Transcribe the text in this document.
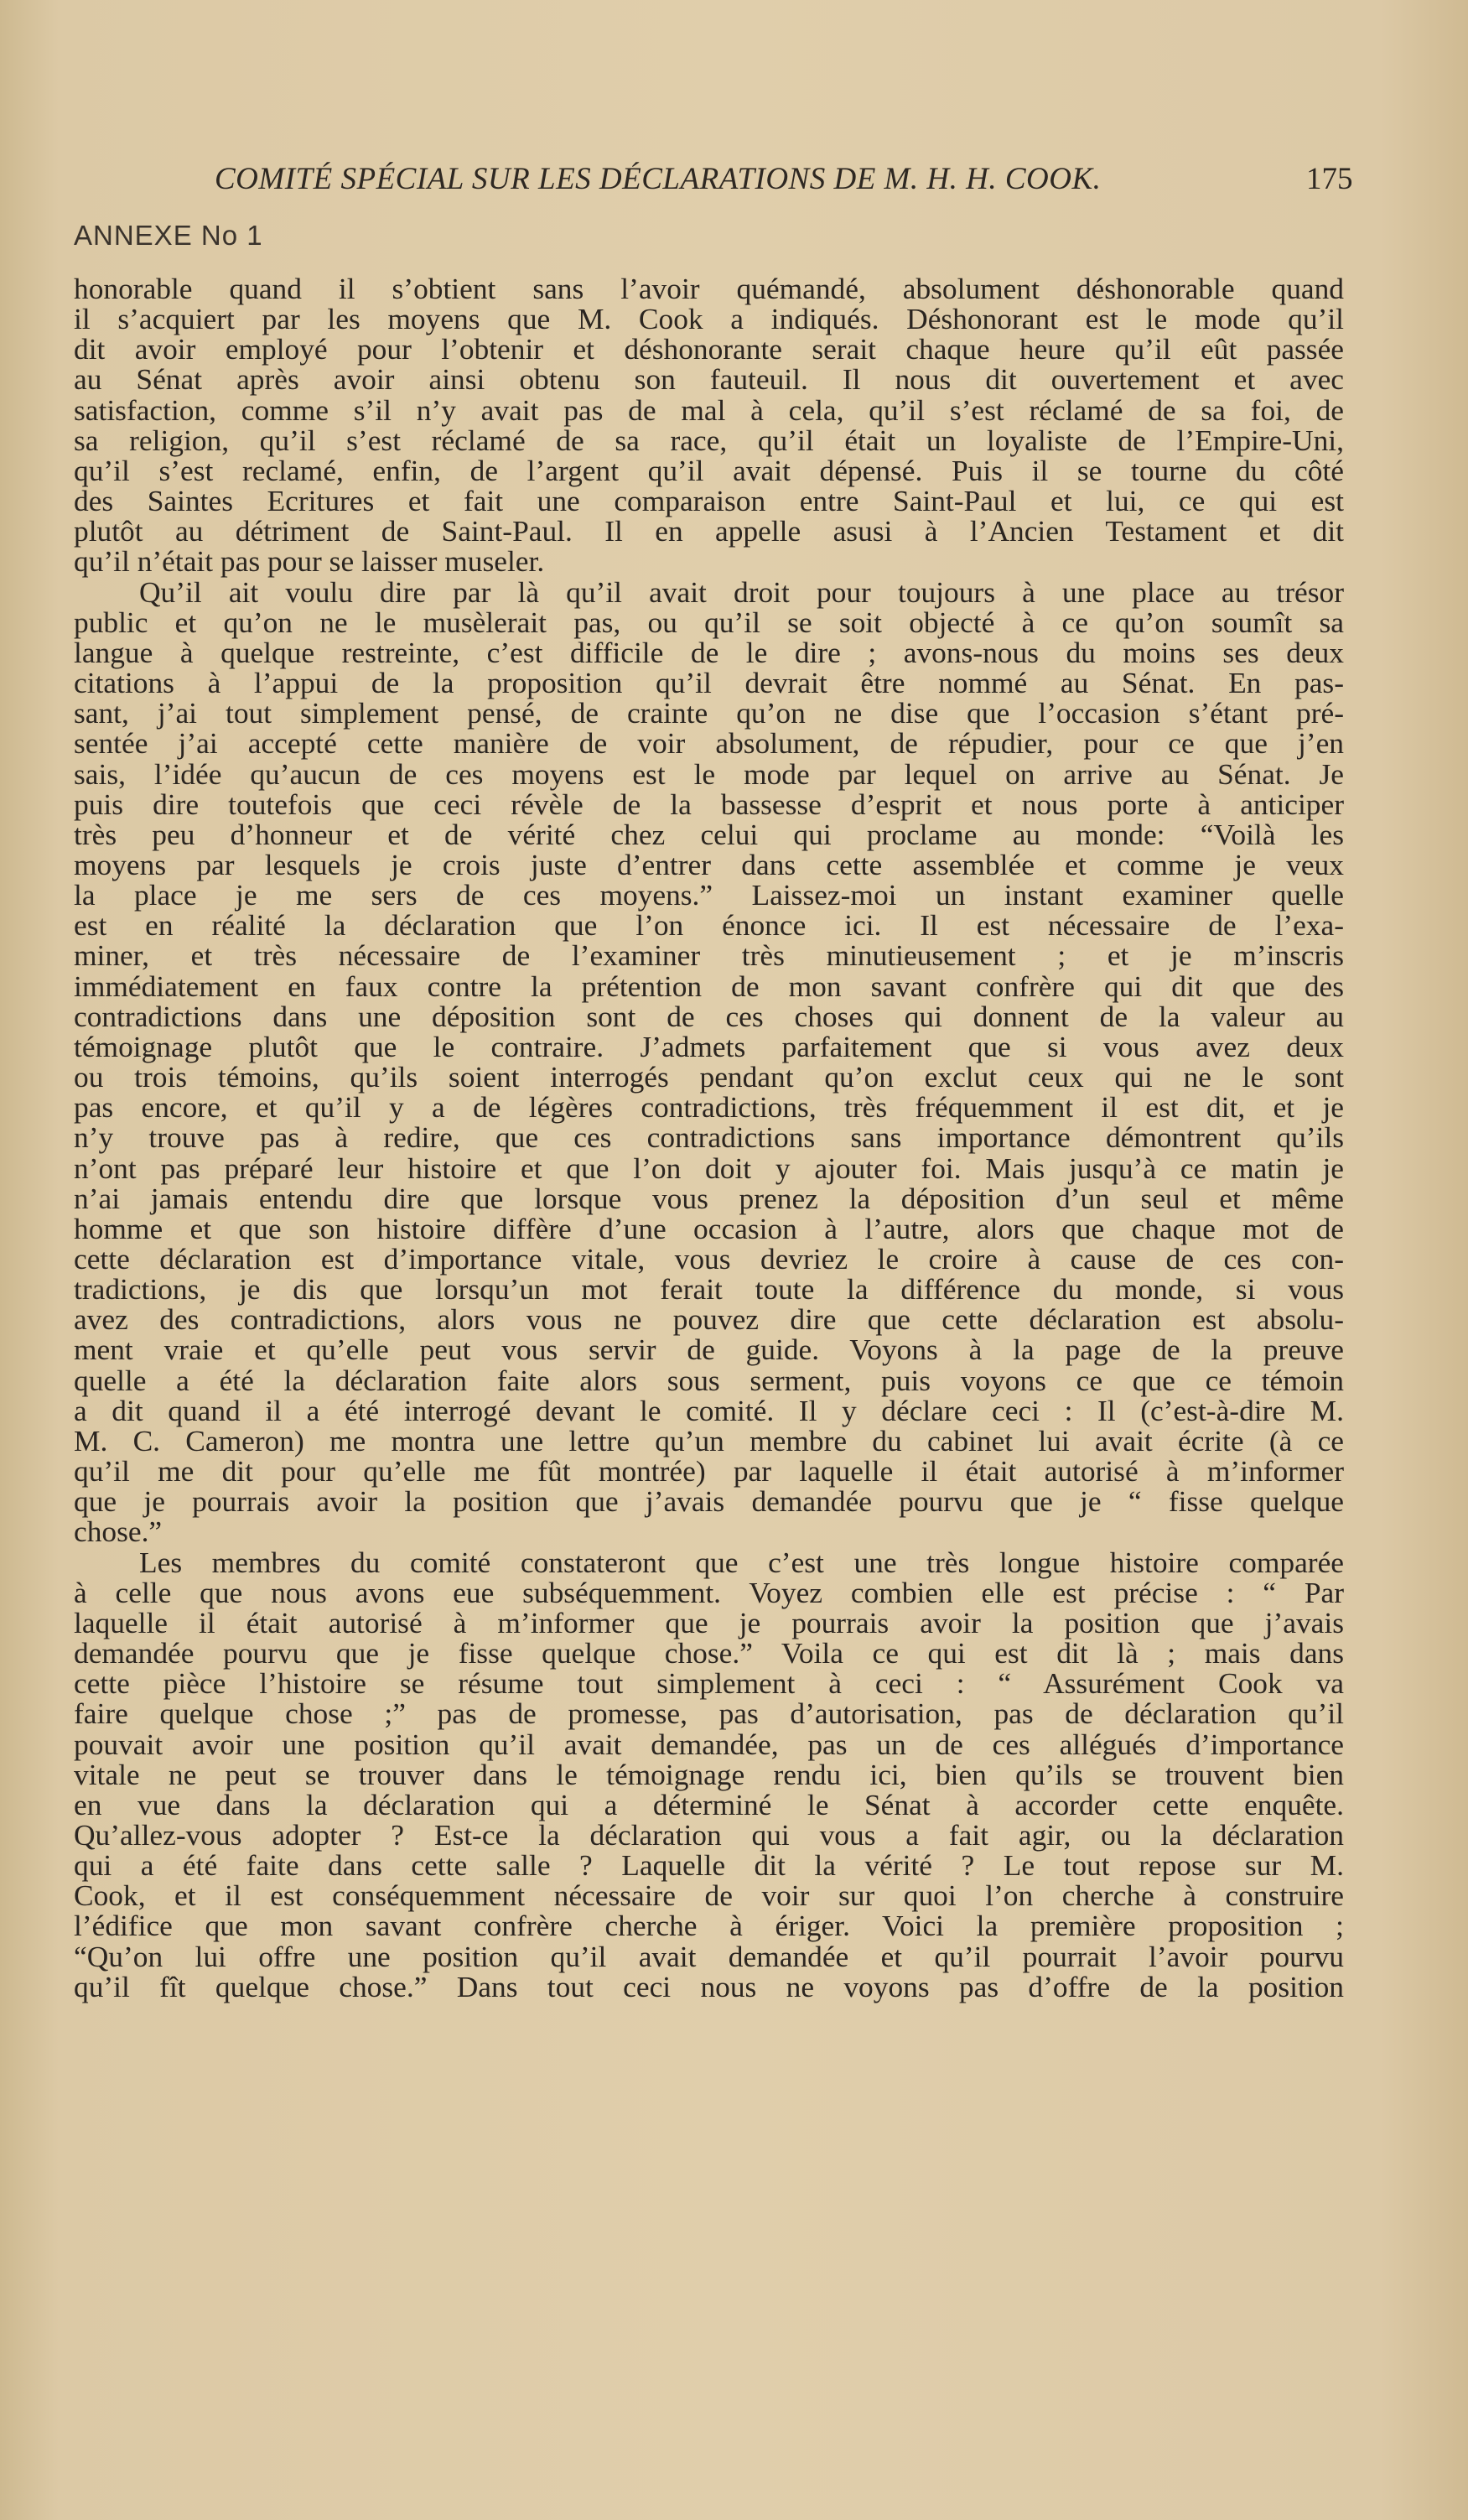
COMITÉ SPÉCIAL SUR LES DÉCLARATIONS DE M. H. H. COOK.	175
ANNEXE No 1
honorable quand il s’obtient sans l’avoir quémandé, absolument déshonorable quand
il s’acquiert par les moyens que M. Cook a indiqués. Déshonorant est le mode qu’il
dit avoir employé pour l’obtenir et déshonorante serait chaque heure qu’il eût passée
au Sénat après avoir ainsi obtenu son fauteuil. Il nous dit ouvertement et avec
satisfaction, comme s’il n’y avait pas de mal à cela, qu’il s’est réclamé de sa foi, de
sa religion, qu’il s’est réclamé de sa race, qu’il était un loyaliste de l’Empire-Uni,
qu’il s’est reclamé, enfin, de l’argent qu’il avait dépensé. Puis il se tourne du côté
des Saintes Ecritures et fait une comparaison entre Saint-Paul et lui, ce qui est
plutôt au détriment de Saint-Paul. Il en appelle asusi à l’Ancien Testament et dit
qu’il n’était pas pour se laisser museler.
Qu’il ait voulu dire par là qu’il avait droit pour toujours à une place au trésor
public et qu’on ne le musèlerait pas, ou qu’il se soit objecté à ce qu’on soumît sa
langue à quelque restreinte, c’est difficile de le dire ; avons-nous du moins ses deux
citations à l’appui de la proposition qu’il devrait être nommé au Sénat. En pas-
sant, j’ai tout simplement pensé, de crainte qu’on ne dise que l’occasion s’étant pré-
sentée j’ai accepté cette manière de voir absolument, de répudier, pour ce que j’en
sais, l’idée qu’aucun de ces moyens est le mode par lequel on arrive au Sénat. Je
puis dire toutefois que ceci révèle de la bassesse d’esprit et nous porte à anticiper
très peu d’honneur et de vérité chez celui qui proclame au monde: “Voilà les
moyens par lesquels je crois juste d’entrer dans cette assemblée et comme je veux
la place je me sers de ces moyens.” Laissez-moi un instant examiner quelle
est en réalité la déclaration que l’on énonce ici. Il est nécessaire de l’exa-
miner, et très nécessaire de l’examiner très minutieusement ; et je m’inscris
immédiatement en faux contre la prétention de mon savant confrère qui dit que des
contradictions dans une déposition sont de ces choses qui donnent de la valeur au
témoignage plutôt que le contraire. J’admets parfaitement que si vous avez deux
ou trois témoins, qu’ils soient interrogés pendant qu’on exclut ceux qui ne le sont
pas encore, et qu’il y a de légères contradictions, très fréquemment il est dit, et je
n’y trouve pas à redire, que ces contradictions sans importance démontrent qu’ils
n’ont pas préparé leur histoire et que l’on doit y ajouter foi. Mais jusqu’à ce matin je
n’ai jamais entendu dire que lorsque vous prenez la déposition d’un seul et même
homme et que son histoire diffère d’une occasion à l’autre, alors que chaque mot de
cette déclaration est d’importance vitale, vous devriez le croire à cause de ces con-
tradictions, je dis que lorsqu’un mot ferait toute la différence du monde, si vous
avez des contradictions, alors vous ne pouvez dire que cette déclaration est absolu-
ment vraie et qu’elle peut vous servir de guide. Voyons à la page de la preuve
quelle a été la déclaration faite alors sous serment, puis voyons ce que ce témoin
a dit quand il a été interrogé devant le comité. Il y déclare ceci : Il (c’est-à-dire M.
M. C. Cameron) me montra une lettre qu’un membre du cabinet lui avait écrite (à ce
qu’il me dit pour qu’elle me fût montrée) par laquelle il était autorisé à m’informer
que je pourrais avoir la position que j’avais demandée pourvu que je “ fisse quelque
chose.”
Les membres du comité constateront que c’est une très longue histoire comparée
à celle que nous avons eue subséquemment. Voyez combien elle est précise : “ Par
laquelle il était autorisé à m’informer que je pourrais avoir la position que j’avais
demandée pourvu que je fisse quelque chose.” Voila ce qui est dit là ; mais dans
cette pièce l’histoire se résume tout simplement à ceci : “ Assurément Cook va
faire quelque chose ;” pas de promesse, pas d’autorisation, pas de déclaration qu’il
pouvait avoir une position qu’il avait demandée, pas un de ces allégués d’importance
vitale ne peut se trouver dans le témoignage rendu ici, bien qu’ils se trouvent bien
en vue dans la déclaration qui a déterminé le Sénat à accorder cette enquête.
Qu’allez-vous adopter ? Est-ce la déclaration qui vous a fait agir, ou la déclaration
qui a été faite dans cette salle ? Laquelle dit la vérité ? Le tout repose sur M.
Cook, et il est conséquemment nécessaire de voir sur quoi l’on cherche à construire
l’édifice que mon savant confrère cherche à ériger. Voici la première proposition ;
“Qu’on lui offre une position qu’il avait demandée et qu’il pourrait l’avoir pourvu
qu’il fît quelque chose.” Dans tout ceci nous ne voyons pas d’offre de la position
